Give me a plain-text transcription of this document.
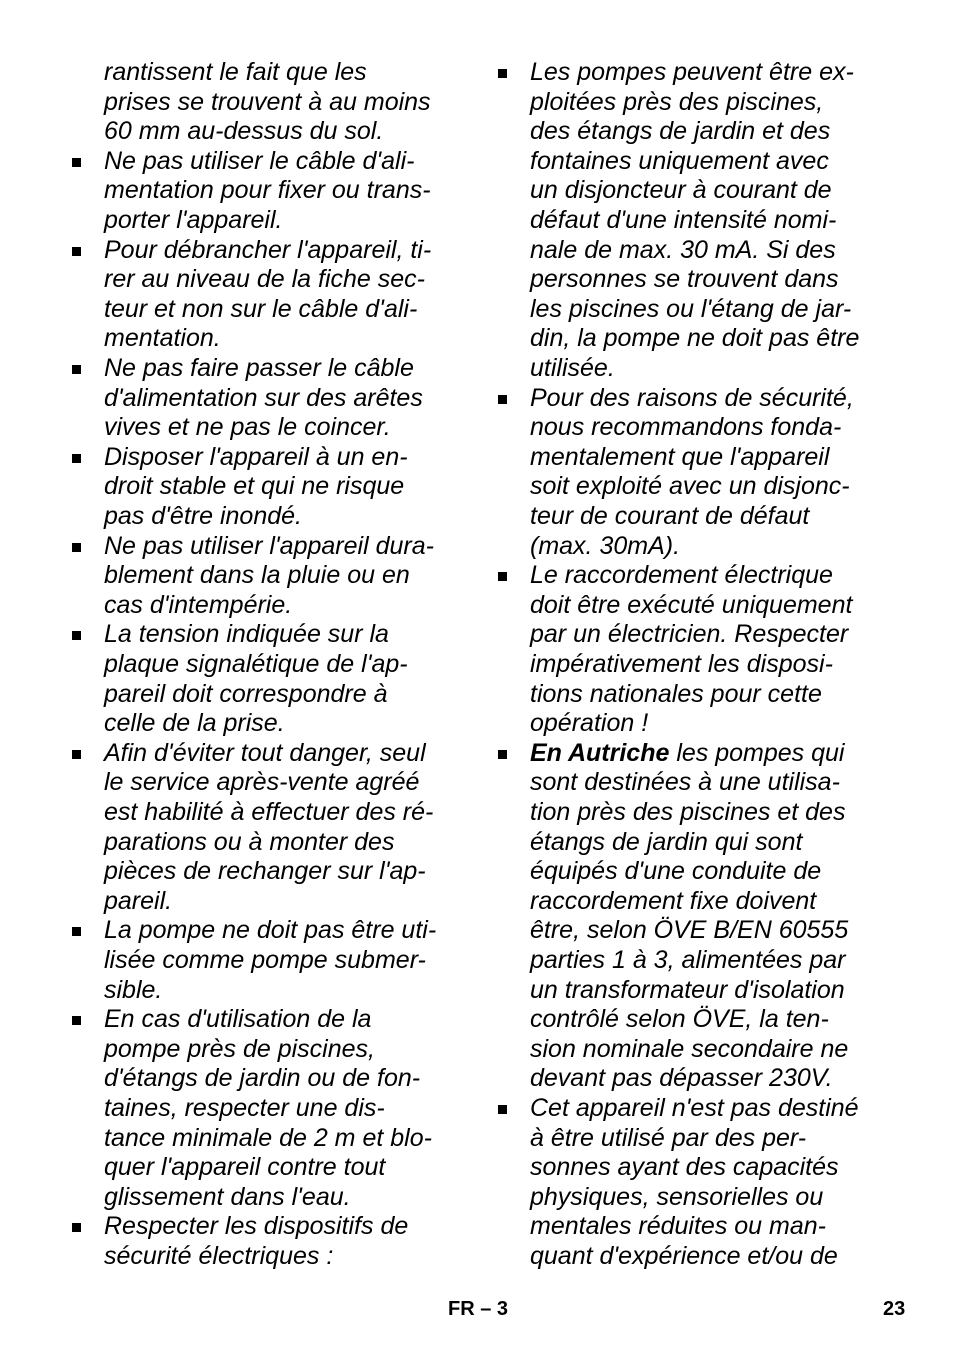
rantissent le fait que les
prises se trouvent à au moins
60 mm au-dessus du sol.
Ne pas utiliser le câble d'ali-
mentation pour fixer ou trans-
porter l'appareil.
Pour débrancher l'appareil, ti-
rer au niveau de la fiche sec-
teur et non sur le câble d'ali-
mentation.
Ne pas faire passer le câble
d'alimentation sur des arêtes
vives et ne pas le coincer.
Disposer l'appareil à un en-
droit stable et qui ne risque
pas d'être inondé.
Ne pas utiliser l'appareil dura-
blement dans la pluie ou en
cas d'intempérie.
La tension indiquée sur la
plaque signalétique de l'ap-
pareil doit correspondre à
celle de la prise.
Afin d'éviter tout danger, seul
le service après-vente agréé
est habilité à effectuer des ré-
parations ou à monter des
pièces de rechanger sur l'ap-
pareil.
La pompe ne doit pas être uti-
lisée comme pompe submer-
sible.
En cas d'utilisation de la
pompe près de piscines,
d'étangs de jardin ou de fon-
taines, respecter une dis-
tance minimale de 2 m et blo-
quer l'appareil contre tout
glissement dans l'eau.
Respecter les dispositifs de
sécurité électriques :
Les pompes peuvent être ex-
ploitées près des piscines,
des étangs de jardin et des
fontaines uniquement avec
un disjoncteur à courant de
défaut d'une intensité nomi-
nale de max. 30 mA. Si des
personnes se trouvent dans
les piscines ou l'étang de jar-
din, la pompe ne doit pas être
utilisée.
Pour des raisons de sécurité,
nous recommandons fonda-
mentalement que l'appareil
soit exploité avec un disjonc-
teur de courant de défaut
(max. 30mA).
Le raccordement électrique
doit être exécuté uniquement
par un électricien. Respecter
impérativement les disposi-
tions nationales pour cette
opération !
En Autriche les pompes qui
sont destinées à une utilisa-
tion près des piscines et des
étangs de jardin qui sont
équipés d'une conduite de
raccordement fixe doivent
être, selon ÖVE B/EN 60555
parties 1 à 3, alimentées par
un transformateur d'isolation
contrôlé selon ÖVE, la ten-
sion nominale secondaire ne
devant pas dépasser 230V.
Cet appareil n'est pas destiné
à être utilisé par des per-
sonnes ayant des capacités
physiques, sensorielles ou
mentales réduites ou man-
quant d'expérience et/ou de
FR – 3	23
